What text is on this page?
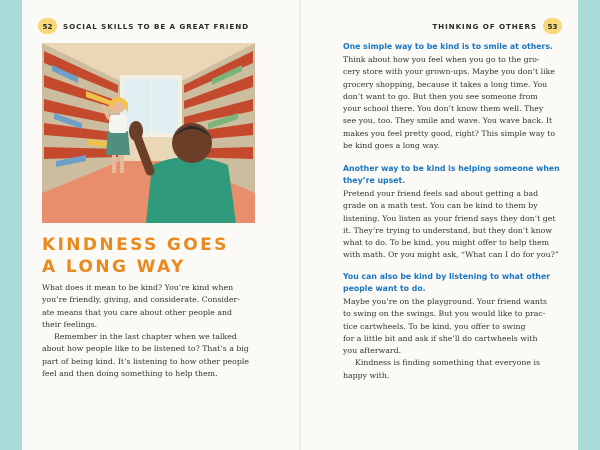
52	SOCIAL SKILLS TO BE A GREAT FRIEND	THINKING OF OTHERS	53
KINDNESS GOES
A LONG WAY

What does it mean to be kind? You’re kind when
you’re friendly, giving, and considerate. Consider-
ate means that you care about other people and
their feelings.
Remember in the last chapter when we talked
about how people like to be listened to? That’s a big
part of being kind. It’s listening to how other people
feel and then doing something to help them.

One simple way to be kind is to smile at others.

Think about how you feel when you go to the gro-
cery store with your grown-ups. Maybe you don’t like
grocery shopping, because it takes a long time. You
don’t want to go. But then you see someone from
your school there. You don’t know them well. They
see you, too. They smile and wave. You wave back. It
makes you feel pretty good, right? This simple way to
be kind goes a long way.

Another way to be kind is helping someone when
they’re upset.

Pretend your friend feels sad about getting a bad
grade on a math test. You can be kind to them by
listening. You listen as your friend says they don’t get
it. They’re trying to understand, but they don’t know
what to do. To be kind, you might offer to help them
with math. Or you might ask, “What can I do for you?”

You can also be kind by listening to what other
people want to do.

Maybe you’re on the playground. Your friend wants
to swing on the swings. But you would like to prac-
tice cartwheels. To be kind, you offer to swing
for a little bit and ask if she’ll do cartwheels with
you afterward.
Kindness is finding something that everyone is
happy with.
